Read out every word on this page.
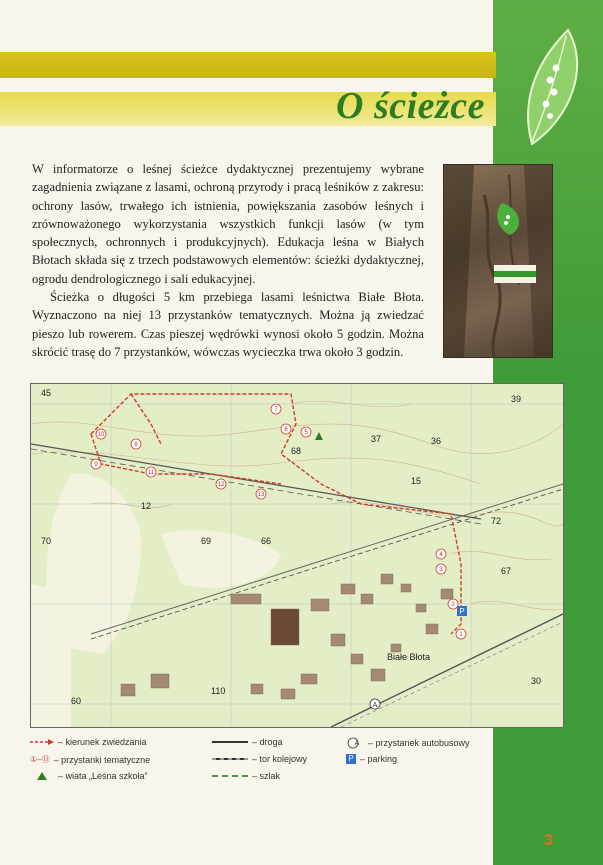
O ścieżce

W informatorze o leśnej ścieżce dydaktycznej prezentujemy wybrane zagadnienia związane z lasami, ochroną przyrody i pracą leśników z zakresu: ochrony lasów, trwałego ich istnienia, powiększania zasobów leśnych i zrównoważonego wykorzystania wszystkich funkcji lasów (w tym społecznych, ochronnych i produkcyjnych). Edukacja leśna w Białych Błotach składa się z trzech podstawowych elementów: ścieżki dydaktycznej, ogrodu dendrologicznego i sali edukacyjnej.

Ścieżka o długości 5 km przebiega lasami leśnictwa Białe Błota. Wyznaczono na niej 13 przystanków tematycznych. Można ją zwiedzać pieszo lub rowerem. Czas pieszej wędrówki wynosi około 5 godzin. Można skrócić trasę do 7 przystanków, wówczas wycieczka trwa około 3 godzin.

10
9
11
8
12
7
6	5
13
4
3
2
1
P
A
Białe Błota
45
39
36
37
68
70	69
72
67
66
110
60
12
15
30
– kierunek zwiedzania
①–⑬ – przystanki tematyczne
– wiata „Leśna szkoła”
– droga
– tor kolejowy
– szlak
A – przystanek autobusowy
P – parking
3
